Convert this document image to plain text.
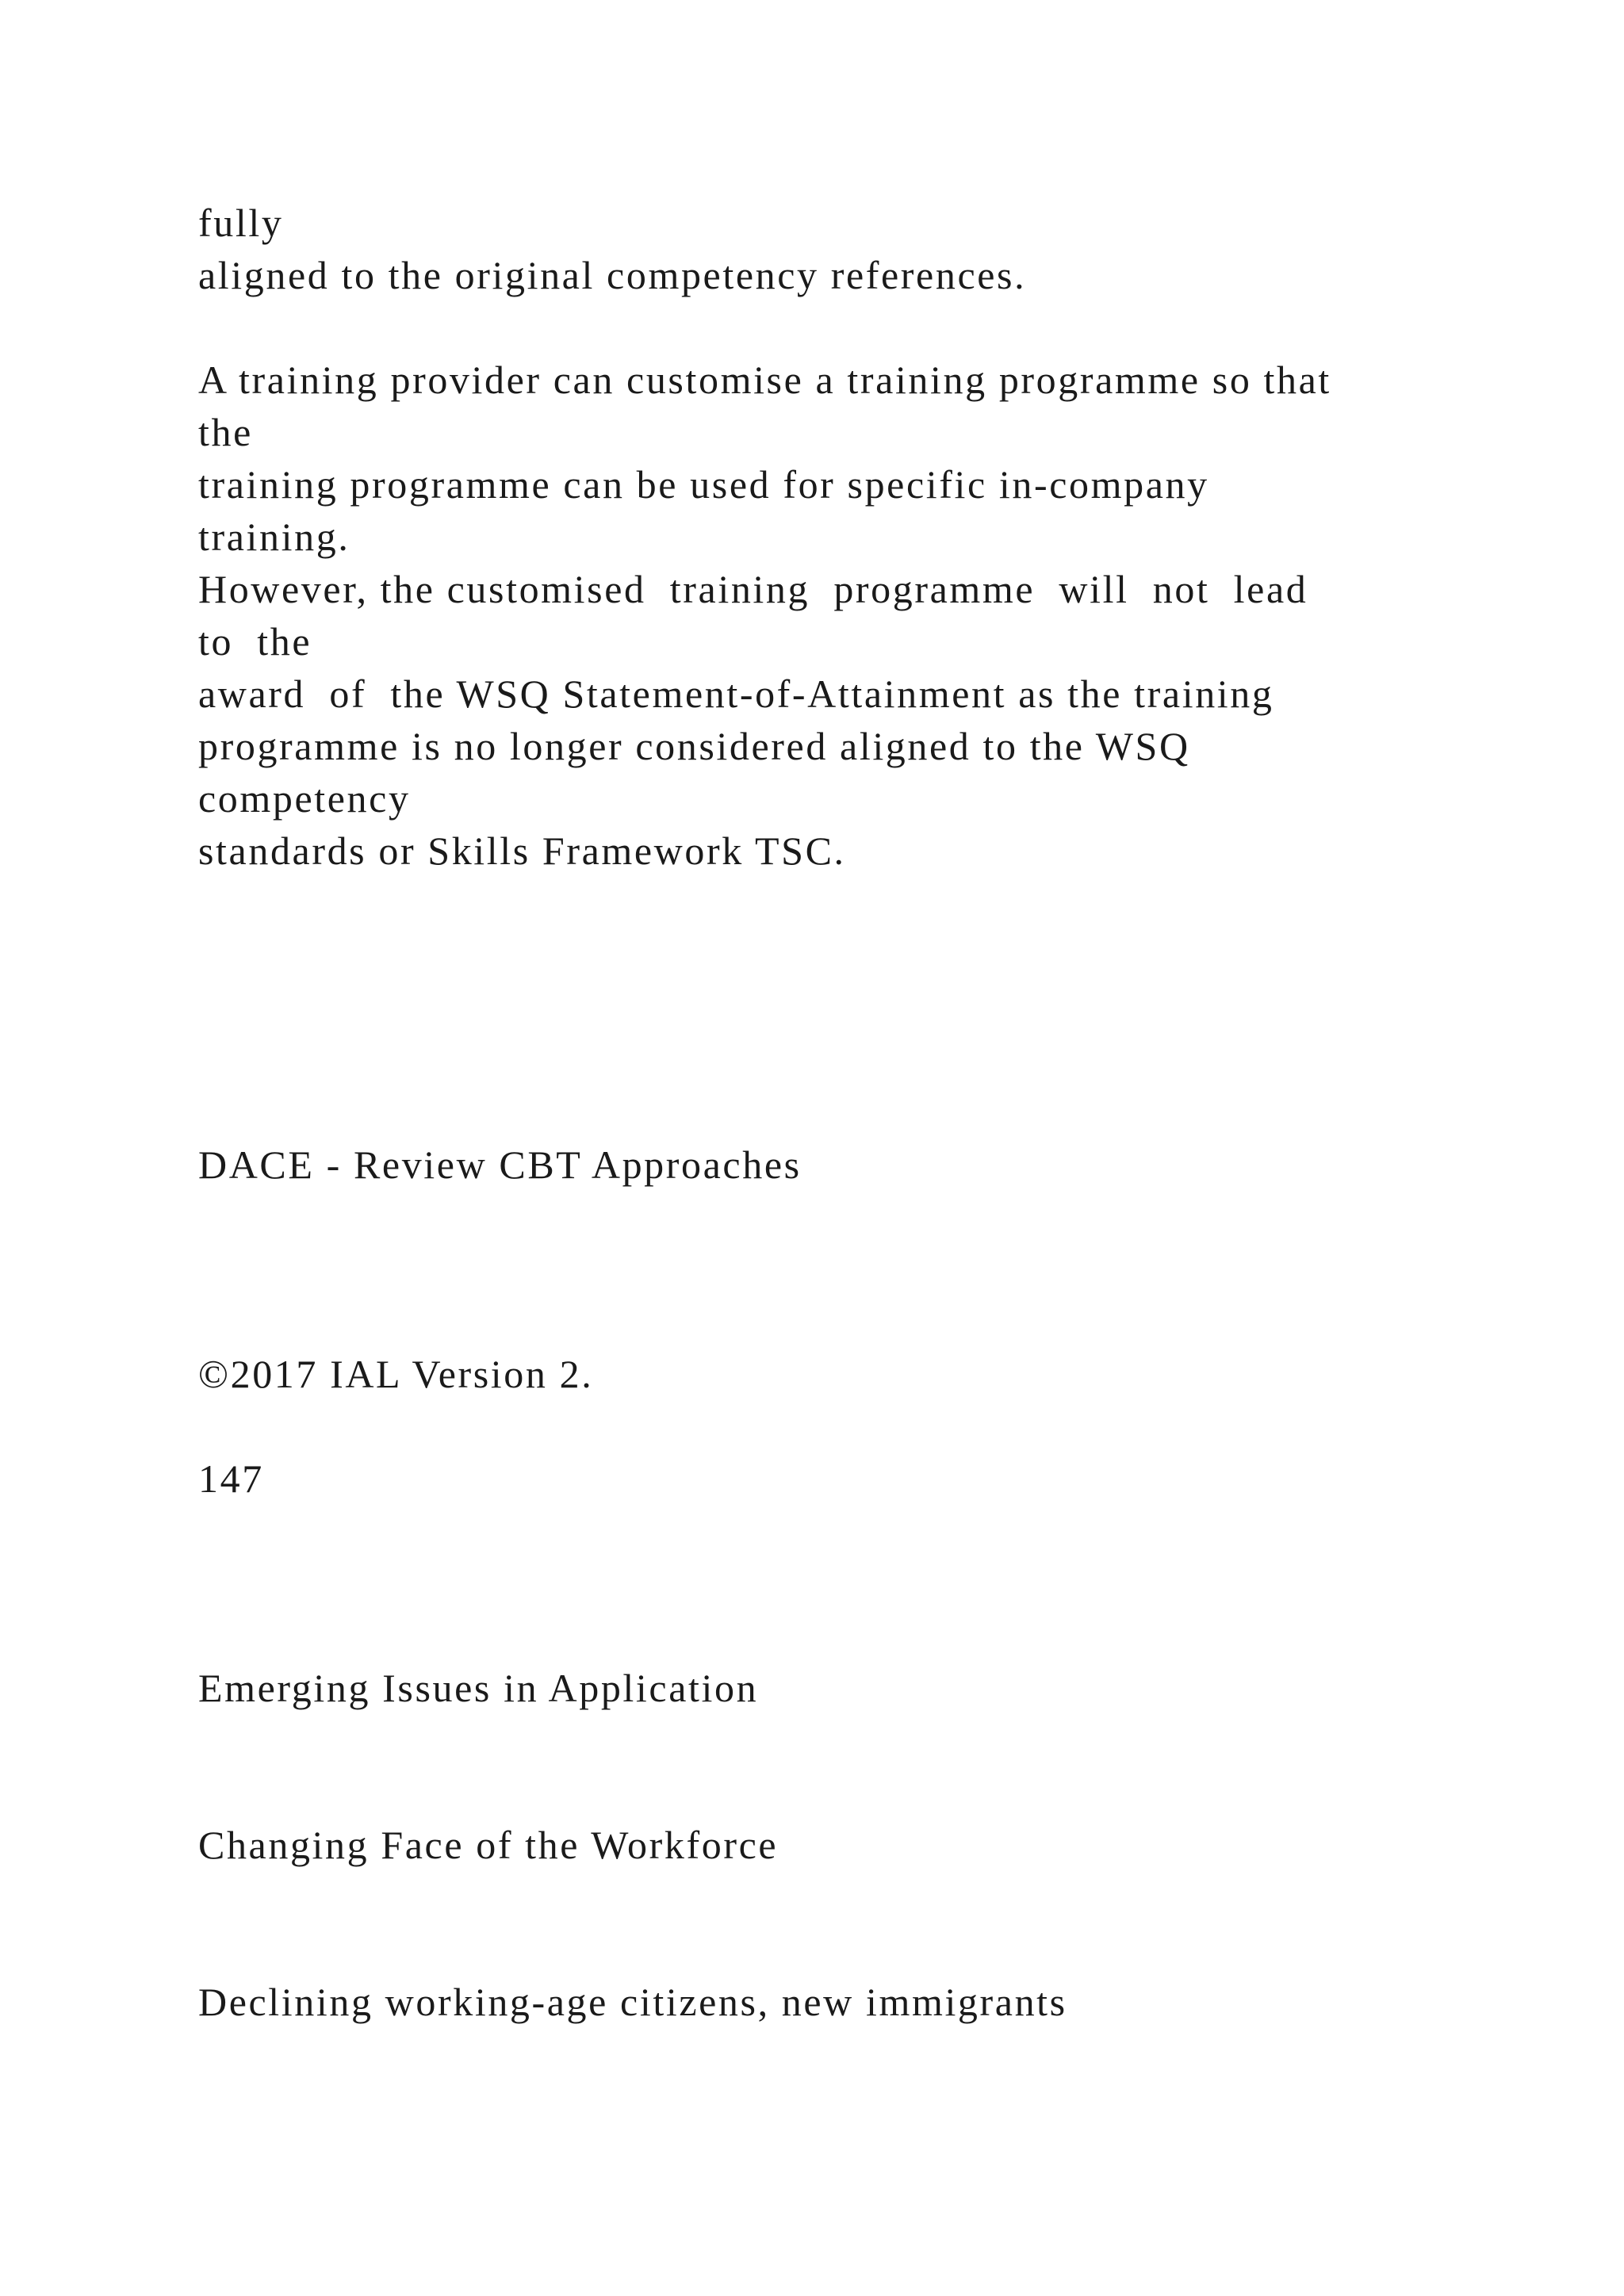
fully

aligned to the original competency references.

A training provider can customise a training programme so that

the

training programme can be used for specific in-company

training.

However, the customised  training  programme  will  not  lead

to  the

award  of  the WSQ Statement-of-Attainment as the training

programme is no longer considered aligned to the WSQ

competency

standards or Skills Framework TSC.

DACE - Review CBT Approaches

©2017 IAL Version 2.

147

Emerging Issues in Application

Changing Face of the Workforce

Declining working-age citizens, new immigrants
